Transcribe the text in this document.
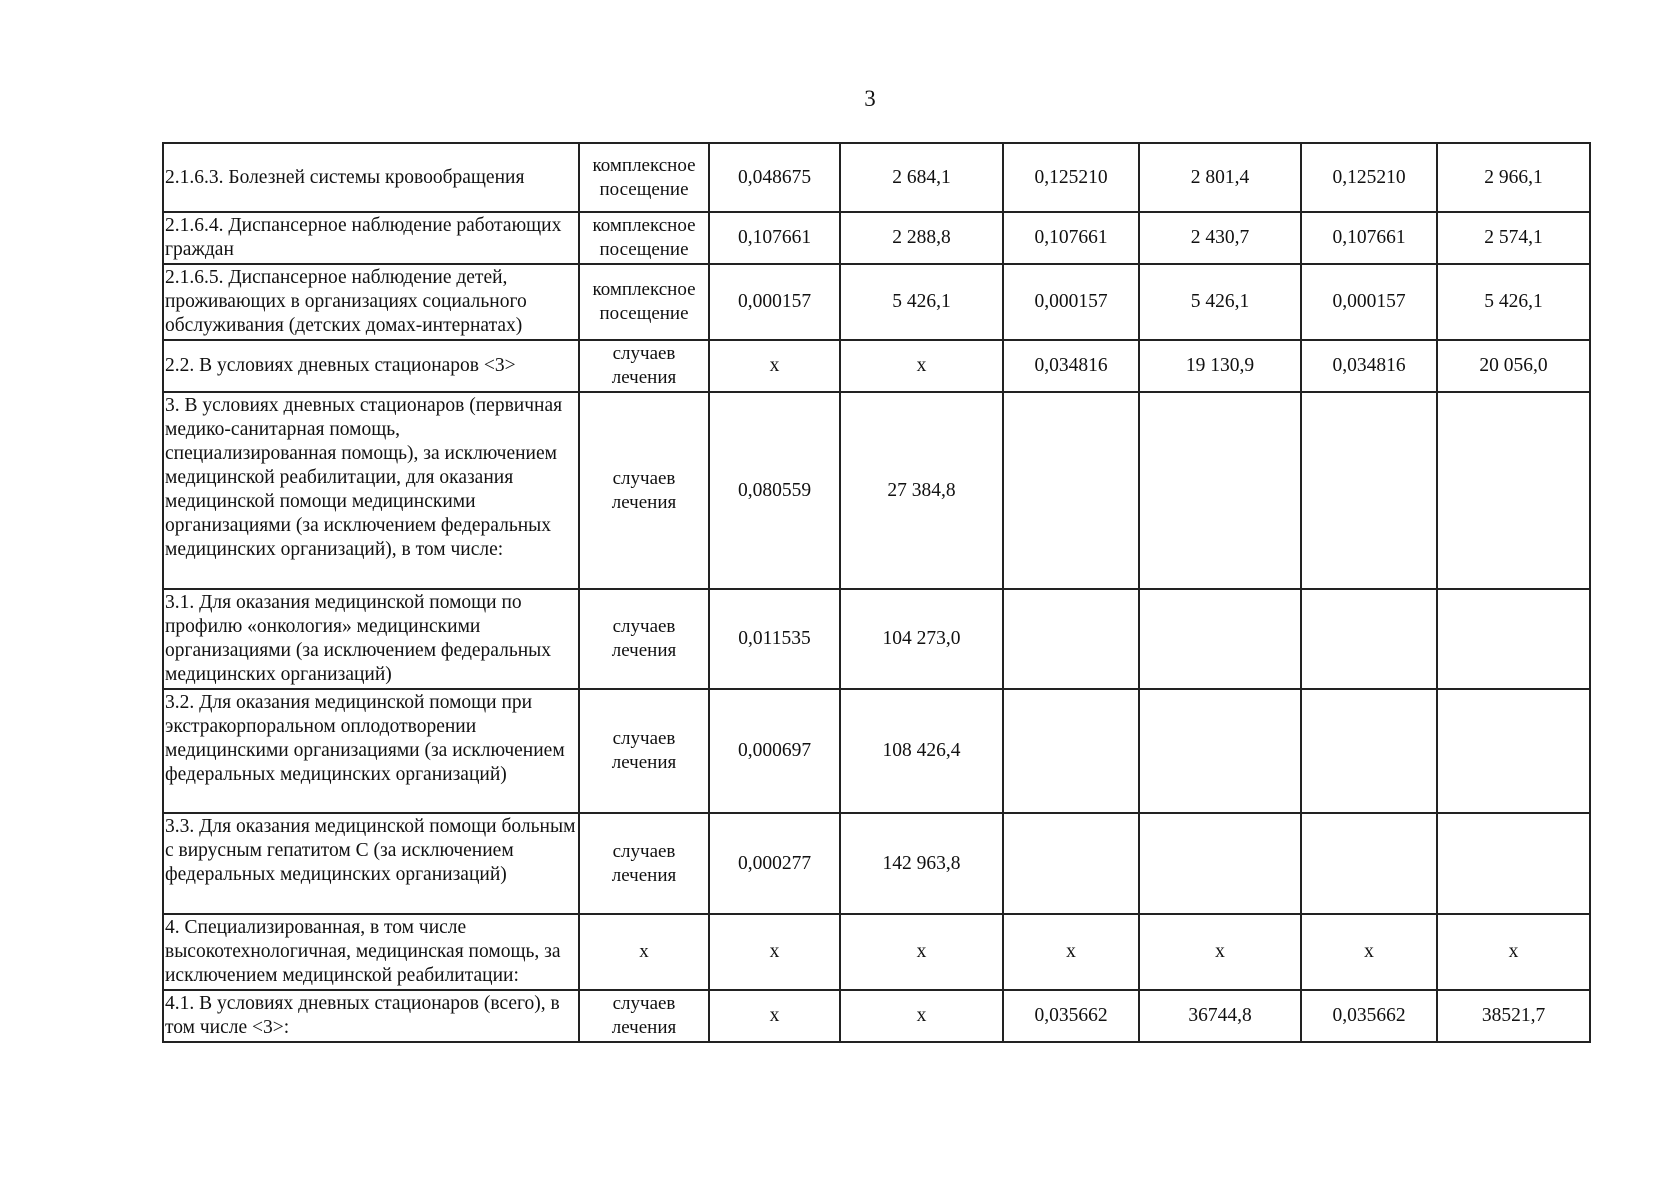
3
2.1.6.3. Болезней системы кровообращения	комплексное посещение	0,048675	2 684,1	0,125210	2 801,4	0,125210	2 966,1
2.1.6.4. Диспансерное наблюдение работающих граждан	комплексное посещение	0,107661	2 288,8	0,107661	2 430,7	0,107661	2 574,1
2.1.6.5. Диспансерное наблюдение детей, проживающих в организациях социального обслуживания (детских домах-интернатах)	комплексное посещение	0,000157	5 426,1	0,000157	5 426,1	0,000157	5 426,1
2.2. В условиях дневных стационаров <3>	случаев лечения	х	х	0,034816	19 130,9	0,034816	20 056,0
3. В условиях дневных стационаров (первичная медико-санитарная помощь, специализированная помощь), за исключением медицинской реабилитации, для оказания медицинской помощи медицинскими организациями (за исключением федеральных медицинских организаций), в том числе:	случаев лечения	0,080559	27 384,8				
3.1. Для оказания медицинской помощи по профилю «онкология» медицинскими организациями (за исключением федеральных медицинских организаций)	случаев лечения	0,011535	104 273,0				
3.2. Для оказания медицинской помощи при экстракорпоральном оплодотворении медицинскими организациями (за исключением федеральных медицинских организаций)	случаев лечения	0,000697	108 426,4				
3.3. Для оказания медицинской помощи больным с вирусным гепатитом С (за исключением федеральных медицинских организаций)	случаев лечения	0,000277	142 963,8				
4. Специализированная, в том числе высокотехнологичная, медицинская помощь, за исключением медицинской реабилитации:	х	х	х	х	х	х	х
4.1. В условиях дневных стационаров (всего), в том числе <3>:	случаев лечения	х	х	0,035662	36744,8	0,035662	38521,7
